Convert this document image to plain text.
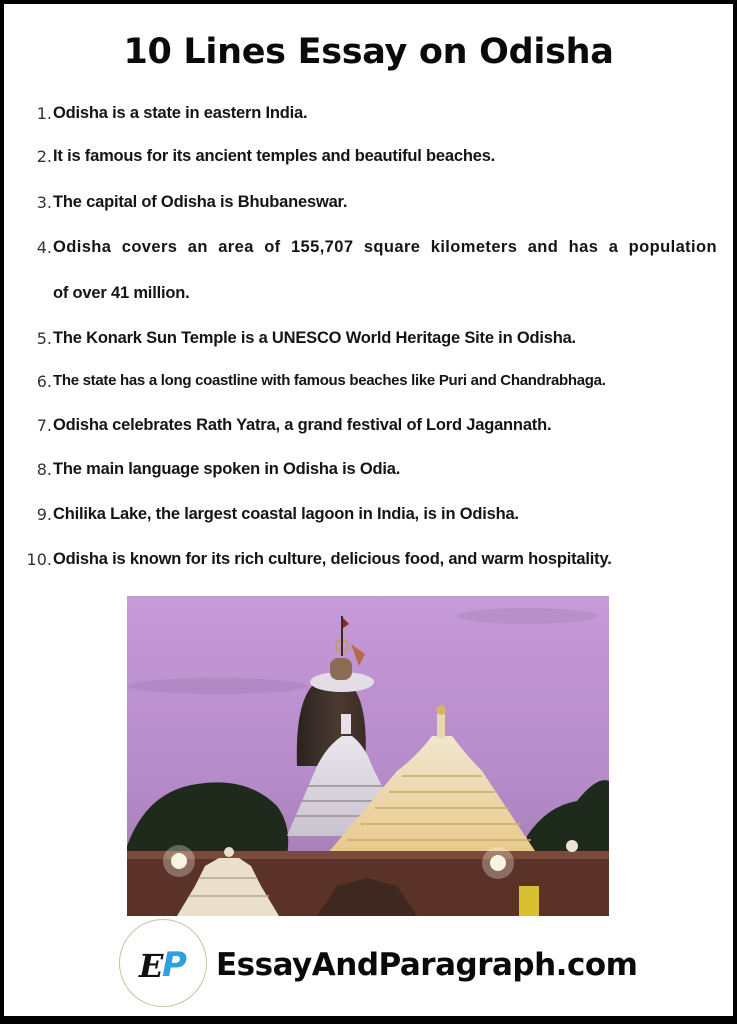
10 Lines Essay on Odisha
1. Odisha is a state in eastern India.
2. It is famous for its ancient temples and beautiful beaches.
3. The capital of Odisha is Bhubaneswar.
4. Odisha covers an area of 155,707 square kilometers and has a population
of over 41 million.
5. The Konark Sun Temple is a UNESCO World Heritage Site in Odisha.
6. The state has a long coastline with famous beaches like Puri and Chandrabhaga.
7. Odisha celebrates Rath Yatra, a grand festival of Lord Jagannath.
8. The main language spoken in Odisha is Odia.
9. Chilika Lake, the largest coastal lagoon in India, is in Odisha.
10. Odisha is known for its rich culture, delicious food, and warm hospitality.
E
P EssayAndParagraph.com
